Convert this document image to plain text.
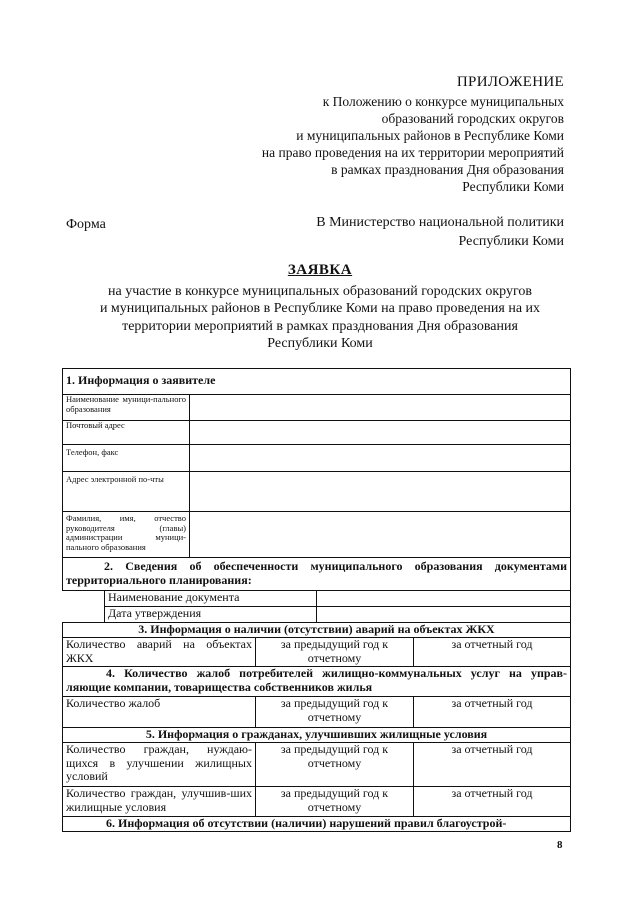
ПРИЛОЖЕНИЕ
к Положению о конкурсе муниципальных
образований городских округов
и муниципальных районов в Республике Коми
на право проведения на их территории мероприятий
в рамках празднования Дня образования
Республики Коми
Форма	В Министерство национальной политики
Республики Коми
ЗАЯВКА
на участие в конкурсе муниципальных образований городских округов
и муниципальных районов в Республике Коми на право проведения на их
территории мероприятий в рамках празднования Дня образования
Республики Коми
1. Информация о заявителе	
Наименование муници-пального образования	
Почтовый адрес	
Телефон, факс	
Адрес электронной по-чты	
Фамилия, имя, отчество руководителя (главы) администрации муници-пального образования	
2. Сведения об обеспеченности муниципального образования документами территориального планирования:		
	Наименование документа	
	Дата утверждения	
3. Информация о наличии (отсутствии) аварий на объектах ЖКХ		
Количество аварий на объектах ЖКХ	за предыдущий год к отчетному	за отчетный год
4. Количество жалоб потребителей жилищно-коммунальных услуг на управ-ляющие компании, товарищества собственников жилья		
Количество жалоб	за предыдущий год к отчетному	за отчетный год
5. Информация о гражданах, улучшивших жилищные условия		
Количество граждан, нуждаю-щихся в улучшении жилищных условий	за предыдущий год к отчетному	за отчетный год
Количество граждан, улучшив-ших жилищные условия	за предыдущий год к отчетному	за отчетный год
6. Информация об отсутствии (наличии) нарушений правил благоустрой-		
8
